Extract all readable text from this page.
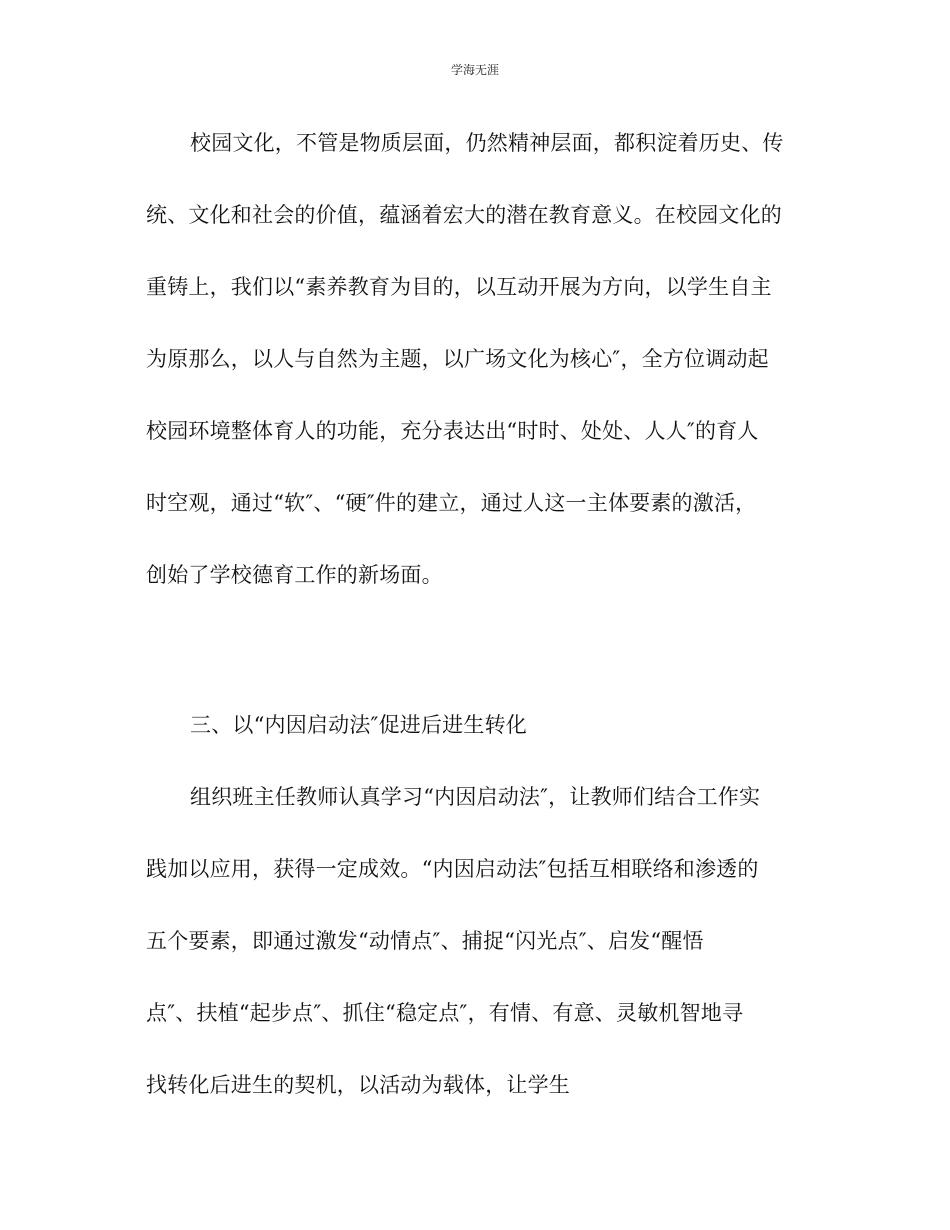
学海无涯
校园文化，不管是物质层面，仍然精神层面，都积淀着历史、传
统、文化和社会的价值，蕴涵着宏大的潜在教育意义。在校园文化的
重铸上，我们以“素养教育为目的，以互动开展为方向，以学生自主
为原那么，以人与自然为主题，以广场文化为核心″，全方位调动起
校园环境整体育人的功能，充分表达出“时时、处处、人人″的育人
时空观，通过“软″、“硬″件的建立，通过人这一主体要素的激活，
创始了学校德育工作的新场面。
三、以“内因启动法″促进后进生转化
组织班主任教师认真学习“内因启动法″，让教师们结合工作实
践加以应用，获得一定成效。“内因启动法″包括互相联络和渗透的
五个要素，即通过激发“动情点″、捕捉“闪光点″、启发“醒悟
点″、扶植“起步点″、抓住“稳定点″，有情、有意、灵敏机智地寻
找转化后进生的契机，以活动为载体，让学生
